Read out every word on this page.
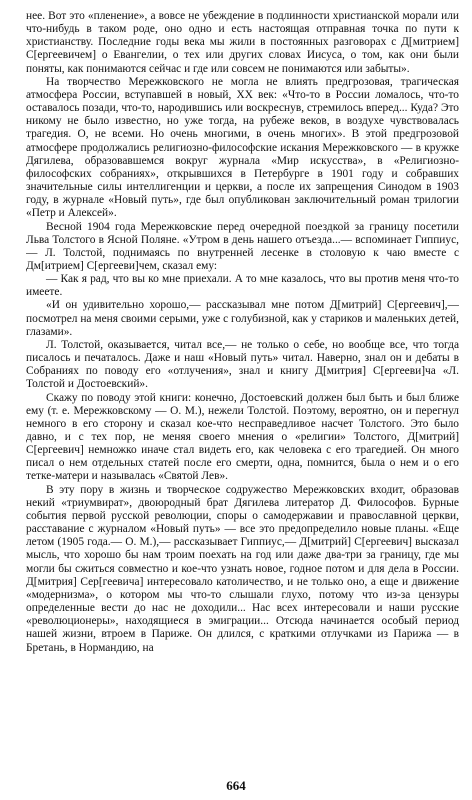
нее. Вот это «пленение», а вовсе не убеждение в подлинности христианской морали или что-нибудь в таком роде, оно одно и есть настоящая отправная точка по пути к христианству. Последние годы века мы жили в постоянных разговорах с Д[митрием] С[ергеевичем] о Евангелии, о тех или других словах Иисуса, о том, как они были поняты, как понимаются сейчас и где или совсем не понимаются или забыты».

На творчество Мережковского не могла не влиять предгрозовая, трагическая атмосфера России, вступавшей в новый, XX век: «Что-то в России ломалось, что-то оставалось позади, что-то, народившись или воскреснув, стремилось вперед... Куда? Это никому не было известно, но уже тогда, на рубеже веков, в воздухе чувствовалась трагедия. О, не всеми. Но очень многими, в очень многих». В этой предгрозовой атмосфере продолжались религиозно-философские искания Мережковского — в кружке Дягилева, образовавшемся вокруг журнала «Мир искусства», в «Религиозно-философских собраниях», открывшихся в Петербурге в 1901 году и собравших значительные силы интеллигенции и церкви, а после их запрещения Синодом в 1903 году, в журнале «Новый путь», где был опубликован заключительный роман трилогии «Петр и Алексей».

Весной 1904 года Мережковские перед очередной поездкой за границу посетили Льва Толстого в Ясной Поляне. «Утром в день нашего отъезда...— вспоминает Гиппиус,— Л. Толстой, поднимаясь по внутренней лесенке в столовую к чаю вместе с Дм[итрием] С[ергееви]чем, сказал ему:

— Как я рад, что вы ко мне приехали. А то мне казалось, что вы против меня что-то имеете.

«И он удивительно хорошо,— рассказывал мне потом Д[митрий] С[ергеевич],— посмотрел на меня своими серыми, уже с голубизной, как у стариков и маленьких детей, глазами».

Л. Толстой, оказывается, читал все,— не только о себе, но вообще все, что тогда писалось и печаталось. Даже и наш «Новый путь» читал. Наверно, знал он и дебаты в Собраниях по поводу его «отлучения», знал и книгу Д[митрия] С[ергееви]ча «Л. Толстой и Достоевский».

Скажу по поводу этой книги: конечно, Достоевский должен был быть и был ближе ему (т. е. Мережковскому — О. М.), нежели Толстой. Поэтому, вероятно, он и перегнул немного в его сторону и сказал кое-что несправедливое насчет Толстого. Это было давно, и с тех пор, не меняя своего мнения о «религии» Толстого, Д[митрий] С[ергеевич] немножко иначе стал видеть его, как человека с его трагедией. Он много писал о нем отдельных статей после его смерти, одна, помнится, была о нем и о его тетке-матери и называлась «Святой Лев».

В эту пору в жизнь и творческое содружество Мережковских входит, образовав некий «триумвират», двоюродный брат Дягилева литератор Д. Философов. Бурные события первой русской революции, споры о самодержавии и православной церкви, расставание с журналом «Новый путь» — все это предопределило новые планы. «Еще летом (1905 года.— О. М.),— рассказывает Гиппиус,— Д[митрий] С[ергеевич] высказал мысль, что хорошо бы нам троим поехать на год или даже два-три за границу, где мы могли бы сжиться совместно и кое-что узнать новое, годное потом и для дела в России. Д[митрия] Сер[геевича] интересовало католичество, и не только оно, а еще и движение «модернизма», о котором мы что-то слышали глухо, потому что из-за цензуры определенные вести до нас не доходили... Нас всех интересовали и наши русские «революционеры», находящиеся в эмиграции... Отсюда начинается особый период нашей жизни, втроем в Париже. Он длился, с краткими отлучками из Парижа — в Бретань, в Нормандию, на

664
